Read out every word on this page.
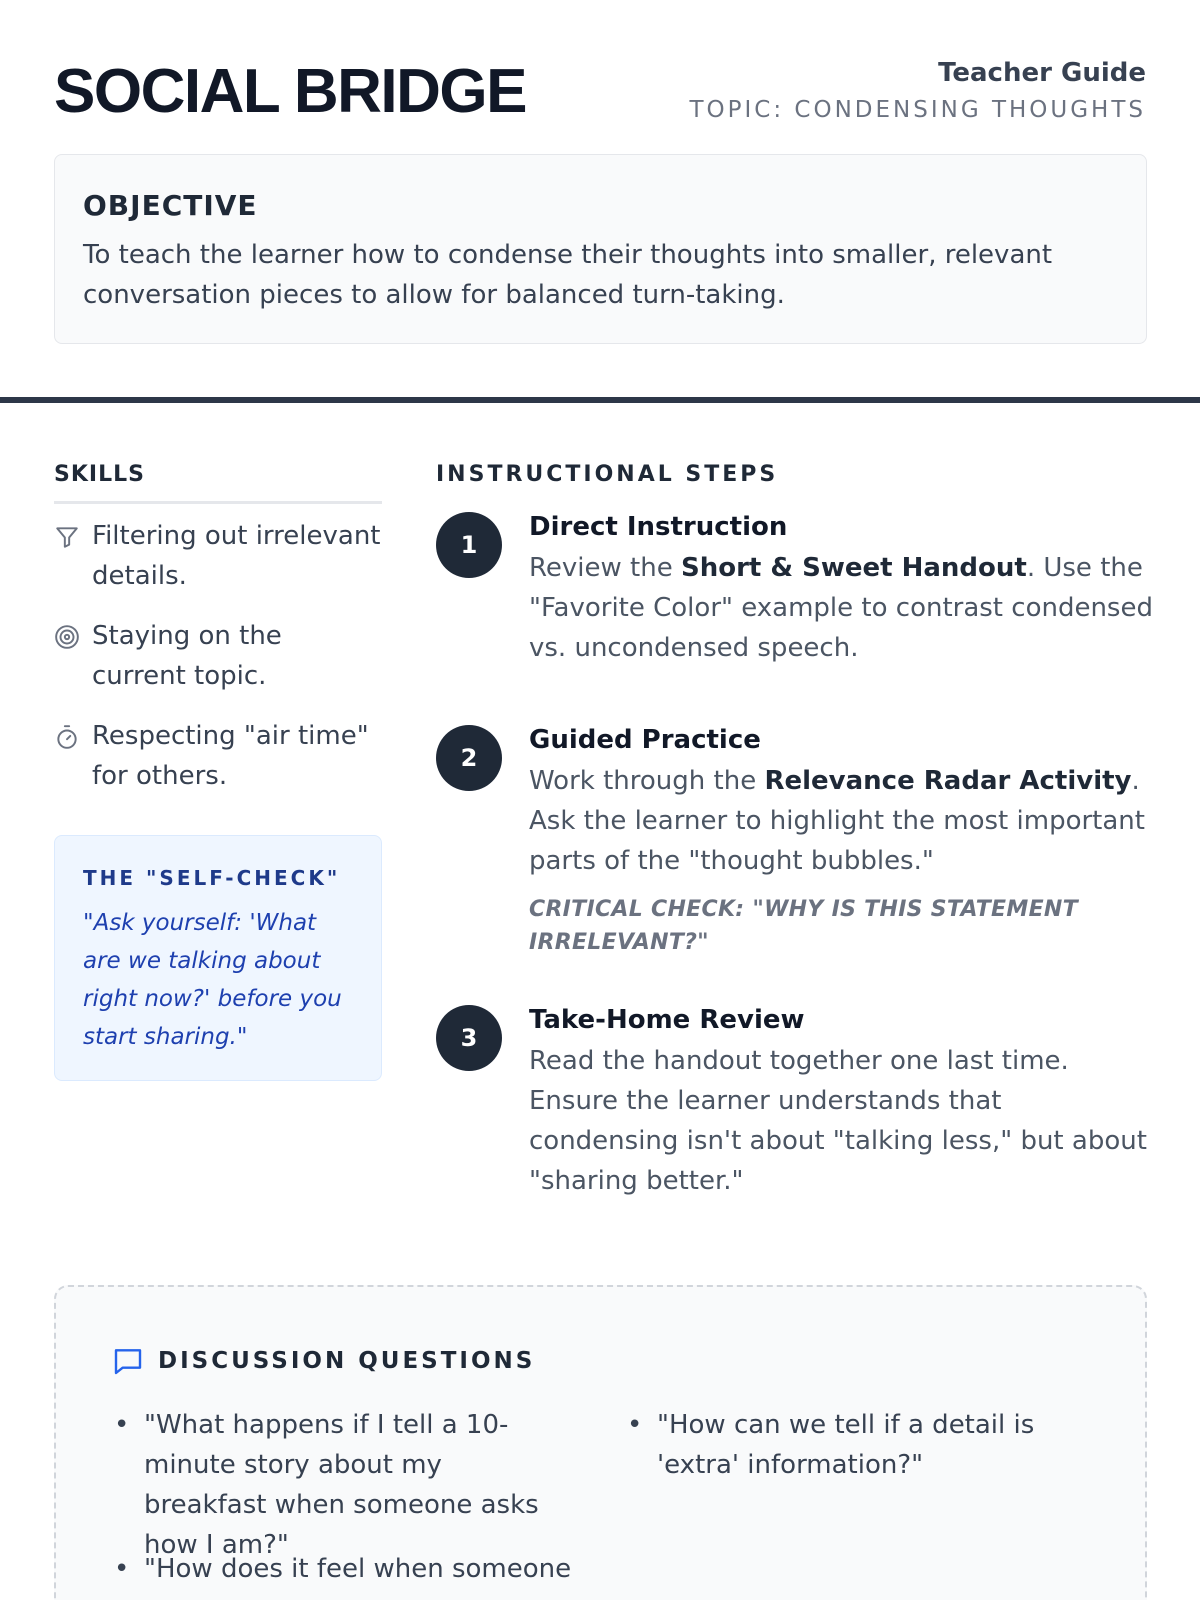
SOCIAL BRIDGE	Teacher Guide
TOPIC: CONDENSING THOUGHTS
OBJECTIVE

To teach the learner how to condense their thoughts into smaller, relevant conversation pieces to allow for balanced turn-taking.

SKILLS
Filtering out irrelevant details.
Staying on the current topic.
Respecting "air time" for others.
THE "SELF-CHECK"

"Ask yourself: 'What are we talking about right now?' before you start sharing."

INSTRUCTIONAL STEPS
1
Direct Instruction

Review the Short & Sweet Handout. Use the "Favorite Color" example to contrast condensed vs. uncondensed speech.

2
Guided Practice

Work through the Relevance Radar Activity. Ask the learner to highlight the most important parts of the "thought bubbles."

CRITICAL CHECK: "WHY IS THIS STATEMENT IRRELEVANT?"
3
Take-Home Review

Read the handout together one last time. Ensure the learner understands that condensing isn't about "talking less," but about "sharing better."

DISCUSSION QUESTIONS
• "What happens if I tell a 10-minute story about my breakfast when someone asks how I am?"
• "How can we tell if a detail is 'extra' information?"
• "How does it feel when someone
